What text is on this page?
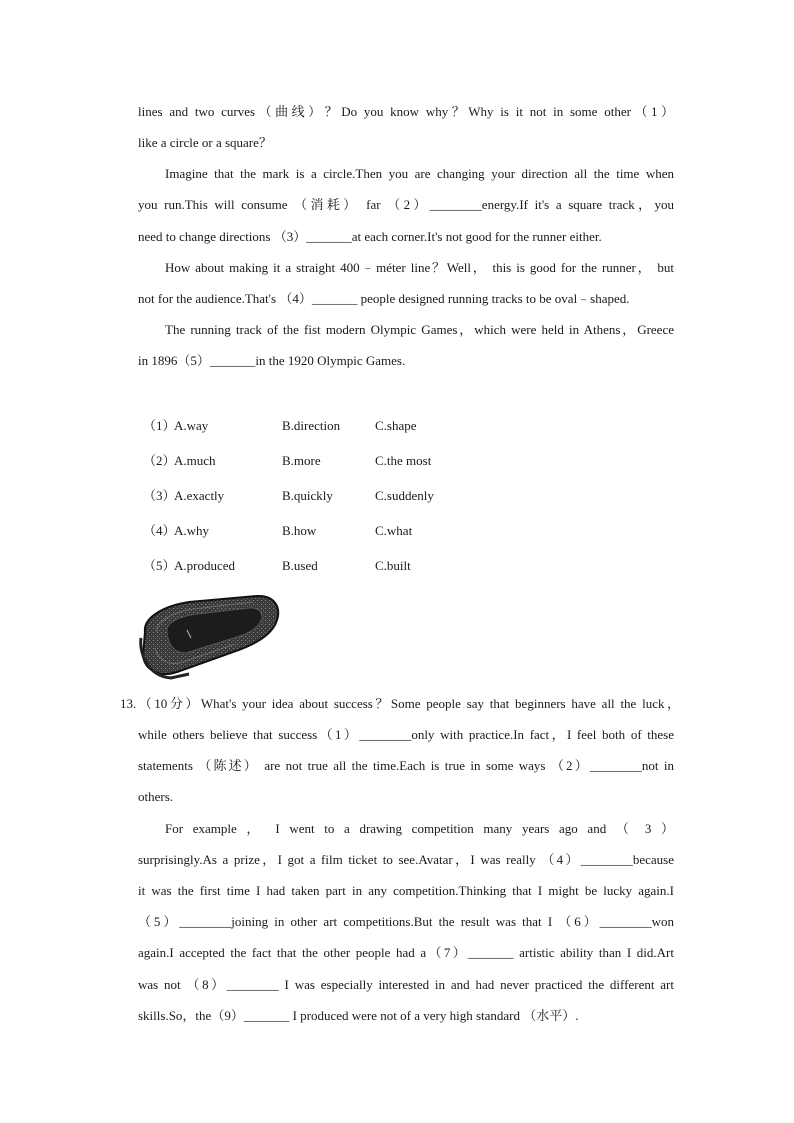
lines and two curves（曲线）？Do you know why？Why is it not in some other（1）
like a circle or a square？
Imagine that the mark is a circle.Then you are changing your direction all the time when
you run.This will consume （消耗） far （2）________energy.If it's a square track，you
need to change directions （3）_______at each corner.It's not good for the runner either.
How about making it a straight 400﹣méter line？Well， this is good for the runner， but
not for the audience.That's （4）_______ people designed running tracks to be oval﹣shaped.
The running track of the fist modern Olympic Games，which were held in Athens，Greece
in 1896（5）_______in the 1920 Olympic Games.
（1）
A.way	B.direction	C.shape
（2）
A.much	B.more	C.the most
（3）
A.exactly	B.quickly	C.suddenly
（4）
A.why	B.how	C.what
（5）
A.produced	B.used	C.built
13.（10分）What's your idea about success？Some people say that beginners have all the luck，
while others believe that success（1）________only with practice.In fact，I feel both of these
statements （陈述） are not true all the time.Each is true in some ways （2）________not in
others.
For example ， I went to a drawing competition many years ago and （ 3 ）
surprisingly.As a prize，I got a film ticket to see.Avatar，I was really （4）________because
it was the first time I had taken part in any competition.Thinking that I might be lucky again.I
（5）________joining in other art competitions.But the result was that I （6）________won
again.I accepted the fact that the other people had a（7）_______ artistic ability than I did.Art
was not （8）________ I was especially interested in and had never practiced the different art
skills.So，the（9）_______ I produced were not of a very high standard （水平）.
